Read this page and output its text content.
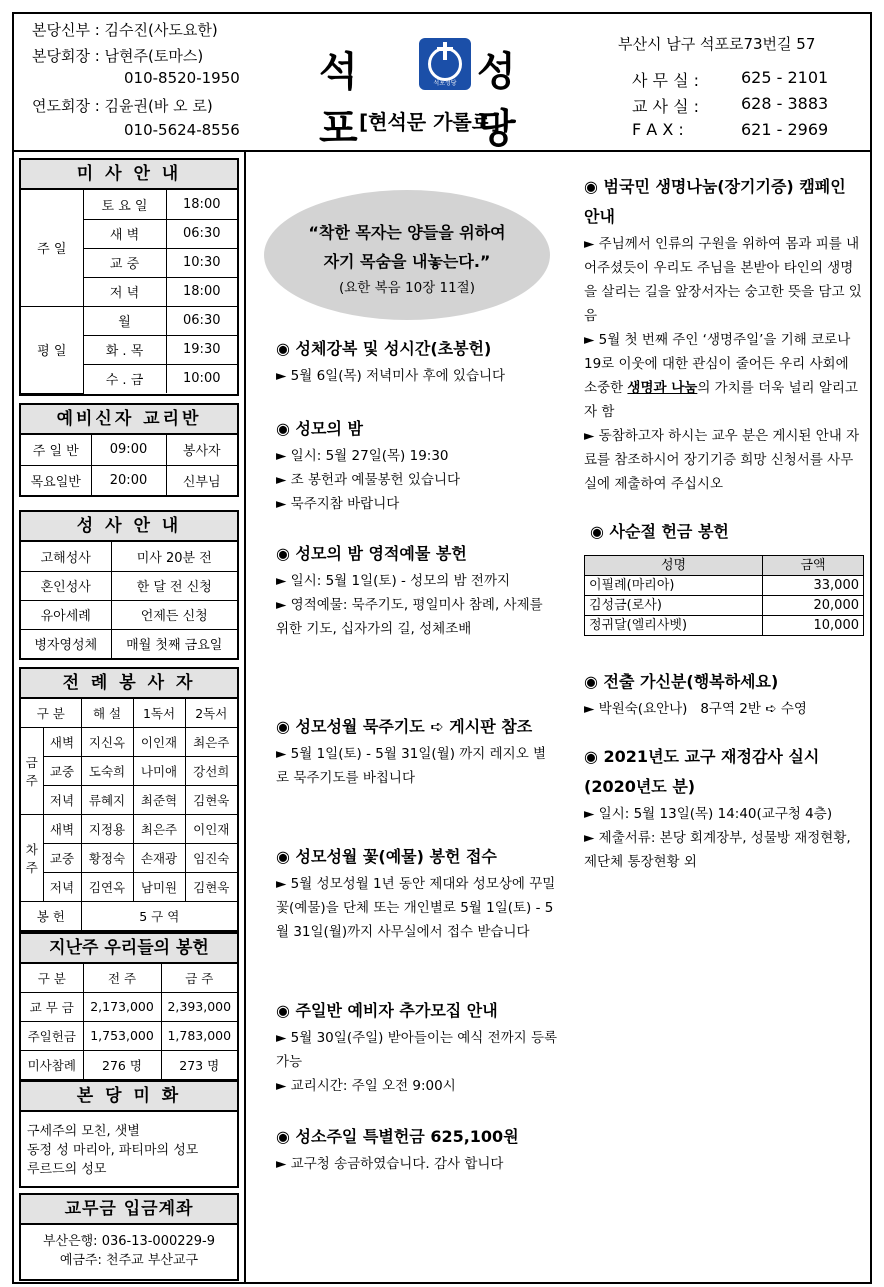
본당신부 : 김수진(사도요한)
본당회장 : 남현주(토마스)
010-8520-1950
연도회장 : 김윤권(바 오 로)
010-5624-8556
석포
성당
석포성당
[현석문 가롤로]
부산시 남구 석포로73번길 57
사 무 실 :	625 - 2101
교 사 실 :	628 - 3883
F A X :	621 - 2969
미 사 안 내
주 일	토 요 일	18:00
	새 벽	06:30
	교 중	10:30
	저 녁	18:00
평 일	월	06:30
	화 . 목	19:30
	수 . 금	10:00
예비신자 교리반
주 일 반	09:00	봉사자
목요일반	20:00	신부님
성 사 안 내
고해성사	미사 20분 전
혼인성사	한 달 전 신청
유아세례	언제든 신청
병자영성체	매월 첫째 금요일
전 례 봉 사 자
구 분		해 설	1독서	2독서
금주	새벽	지신옥	이인재	최은주
	교중	도숙희	나미애	강선희
	저녁	류혜지	최준혁	김현욱
차주	새벽	지정용	최은주	이인재
	교중	황정숙	손재광	임진숙
	저녁	김연옥	남미원	김현욱
봉 헌		5 구 역		
지난주 우리들의 봉헌
구 분	전 주	금 주
교 무 금	2,173,000	2,393,000
주일헌금	1,753,000	1,783,000
미사참례	276 명	273 명
본 당 미 화
구세주의 모친, 샛별
동정 성 마리아, 파티마의 성모
루르드의 성모
교무금 입금계좌
부산은행: 036-13-000229-9
예금주: 천주교 부산교구
“착한 목자는 양들을 위하여
자기 목숨을 내놓는다.”
(요한 복음 10장 11절)
◉ 성체강복 및 성시간(초봉헌)
► 5월 6일(목) 저녁미사 후에 있습니다
◉ 성모의 밤
► 일시: 5월 27일(목) 19:30
► 조 봉헌과 예물봉헌 있습니다
► 묵주지참 바랍니다
◉ 성모의 밤 영적예물 봉헌
► 일시: 5월 1일(토) - 성모의 밤 전까지
► 영적예물: 묵주기도, 평일미사 참례, 사제를 위한 기도, 십자가의 길, 성체조배
◉ 성모성월 묵주기도 ➪ 게시판 참조
► 5월 1일(토) - 5월 31일(월) 까지 레지오 별로 묵주기도를 바칩니다
◉ 성모성월 꽃(예물) 봉헌 접수
► 5월 성모성월 1년 동안 제대와 성모상에 꾸밀 꽃(예물)을 단체 또는 개인별로 5월 1일(토) - 5월 31일(월)까지 사무실에서 접수 받습니다
◉ 주일반 예비자 추가모집 안내
► 5월 30일(주일) 받아들이는 예식 전까지 등록 가능
► 교리시간: 주일 오전 9:00시
◉ 성소주일 특별헌금 625,100원
► 교구청 송금하였습니다. 감사 합니다
◉ 범국민 생명나눔(장기기증) 캠페인 안내
► 주님께서 인류의 구원을 위하여 몸과 피를 내어주셨듯이 우리도 주님을 본받아 타인의 생명을 살리는 길을 앞장서자는 숭고한 뜻을 담고 있음
► 5월 첫 번째 주인 ‘생명주일’을 기해 코로나19로 이웃에 대한 관심이 줄어든 우리 사회에 소중한 생명과 나눔의 가치를 더욱 널리 알리고자 함
► 동참하고자 하시는 교우 분은 게시된 안내 자료를 참조하시어 장기기증 희망 신청서를 사무실에 제출하여 주십시오
◉ 사순절 헌금 봉헌
성명	금액
이필례(마리아)	33,000
김성금(로사)	20,000
정귀달(엘리사벳)	10,000
◉ 전출 가신분(행복하세요)
► 박원숙(요안나)   8구역 2반 ➪ 수영
◉ 2021년도 교구 재정감사 실시 (2020년도 분)
► 일시: 5월 13일(목) 14:40(교구청 4층)
► 제출서류: 본당 회계장부, 성물방 재정현황, 제단체 통장현황 외
